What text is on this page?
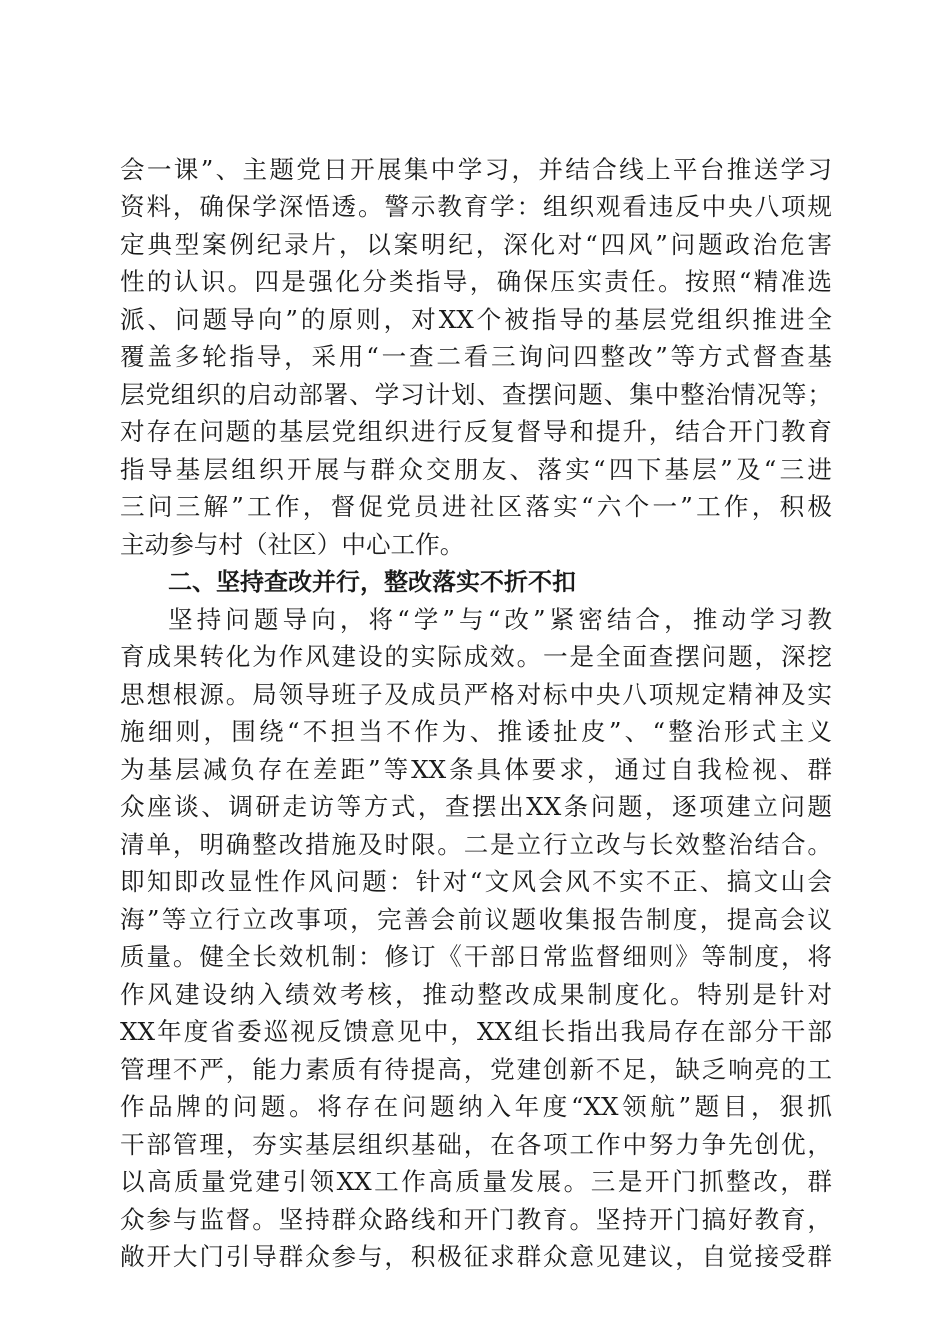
会一课”、主题党日开展集中学习，并结合线上平台推送学习
资料，确保学深悟透。警示教育学：组织观看违反中央八项规
定典型案例纪录片，以案明纪，深化对“四风”问题政治危害
性的认识。四是强化分类指导，确保压实责任。按照“精准选
派、问题导向”的原则，对XX个被指导的基层党组织推进全
覆盖多轮指导，采用“一查二看三询问四整改”等方式督查基
层党组织的启动部署、学习计划、查摆问题、集中整治情况等；
对存在问题的基层党组织进行反复督导和提升，结合开门教育
指导基层组织开展与群众交朋友、落实“四下基层”及“三进
三问三解”工作，督促党员进社区落实“六个一”工作，积极
主动参与村（社区）中心工作。
二、坚持查改并行，整改落实不折不扣
坚持问题导向，将“学”与“改”紧密结合，推动学习教
育成果转化为作风建设的实际成效。一是全面查摆问题，深挖
思想根源。局领导班子及成员严格对标中央八项规定精神及实
施细则，围绕“不担当不作为、推诿扯皮”、“整治形式主义
为基层减负存在差距”等XX条具体要求，通过自我检视、群
众座谈、调研走访等方式，查摆出XX条问题，逐项建立问题
清单，明确整改措施及时限。二是立行立改与长效整治结合。
即知即改显性作风问题：针对“文风会风不实不正、搞文山会
海”等立行立改事项，完善会前议题收集报告制度，提高会议
质量。健全长效机制：修订《干部日常监督细则》等制度，将
作风建设纳入绩效考核，推动整改成果制度化。特别是针对
XX年度省委巡视反馈意见中，XX组长指出我局存在部分干部
管理不严，能力素质有待提高，党建创新不足，缺乏响亮的工
作品牌的问题。将存在问题纳入年度“XX领航”题目，狠抓
干部管理，夯实基层组织基础，在各项工作中努力争先创优，
以高质量党建引领XX工作高质量发展。三是开门抓整改，群
众参与监督。坚持群众路线和开门教育。坚持开门搞好教育，
敞开大门引导群众参与，积极征求群众意见建议，自觉接受群
